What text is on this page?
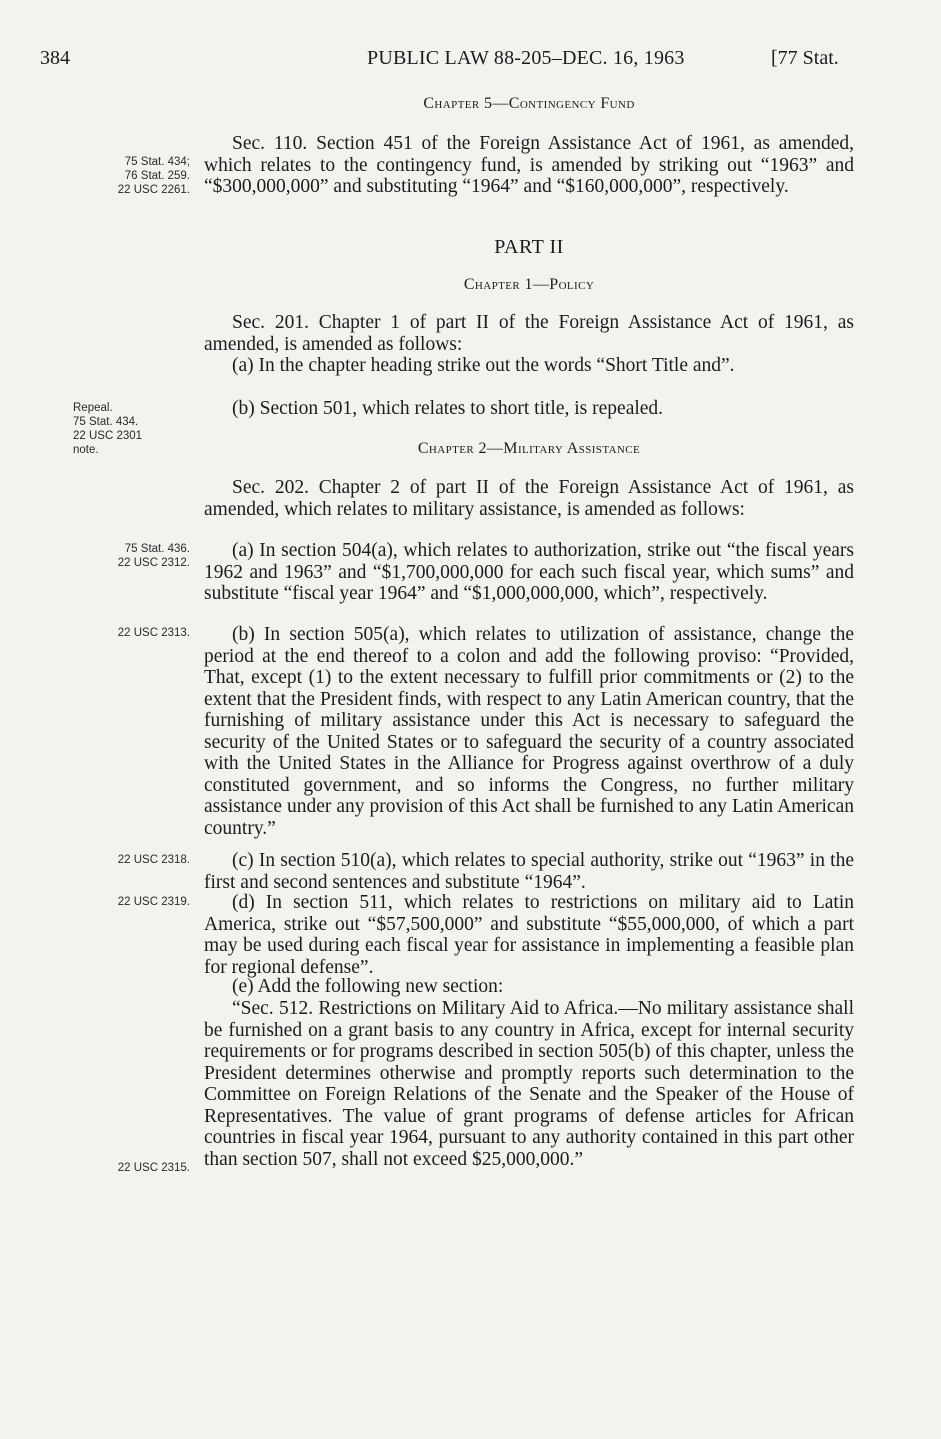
384	PUBLIC LAW 88-205–DEC. 16, 1963	[77 Stat.
Chapter 5—Contingency Fund
Sec. 110. Section 451 of the Foreign Assistance Act of 1961, as amended, which relates to the contingency fund, is amended by striking out “1963” and “$300,000,000” and substituting “1964” and “$160,000,000”, respectively.
75 Stat. 434;
76 Stat. 259.
22 USC 2261.
PART II
Chapter 1—Policy
Sec. 201. Chapter 1 of part II of the Foreign Assistance Act of 1961, as amended, is amended as follows:
(a) In the chapter heading strike out the words “Short Title and”.
(b) Section 501, which relates to short title, is repealed.
Repeal.
75 Stat. 434.
22 USC 2301
note.	Chapter 2—Military Assistance
Sec. 202. Chapter 2 of part II of the Foreign Assistance Act of 1961, as amended, which relates to military assistance, is amended as follows:
(a) In section 504(a), which relates to authorization, strike out “the fiscal years 1962 and 1963” and “$1,700,000,000 for each such fiscal year, which sums” and substitute “fiscal year 1964” and “$1,000,000,000, which”, respectively.
75 Stat. 436.
22 USC 2312.
(b) In section 505(a), which relates to utilization of assistance, change the period at the end thereof to a colon and add the following proviso: “Provided, That, except (1) to the extent necessary to fulfill prior commitments or (2) to the extent that the President finds, with respect to any Latin American country, that the furnishing of military assistance under this Act is necessary to safeguard the security of the United States or to safeguard the security of a country associated with the United States in the Alliance for Progress against overthrow of a duly constituted government, and so informs the Congress, no further military assistance under any provision of this Act shall be furnished to any Latin American country.”
22 USC 2313.
(c) In section 510(a), which relates to special authority, strike out “1963” in the first and second sentences and substitute “1964”.
22 USC 2318.
(d) In section 511, which relates to restrictions on military aid to Latin America, strike out “$57,500,000” and substitute “$55,000,000, of which a part may be used during each fiscal year for assistance in implementing a feasible plan for regional defense”.
22 USC 2319.
(e) Add the following new section:
“Sec. 512. Restrictions on Military Aid to Africa.—No military assistance shall be furnished on a grant basis to any country in Africa, except for internal security requirements or for programs described in section 505(b) of this chapter, unless the President determines otherwise and promptly reports such determination to the Committee on Foreign Relations of the Senate and the Speaker of the House of Representatives. The value of grant programs of defense articles for African countries in fiscal year 1964, pursuant to any authority contained in this part other than section 507, shall not exceed $25,000,000.”
22 USC 2315.
